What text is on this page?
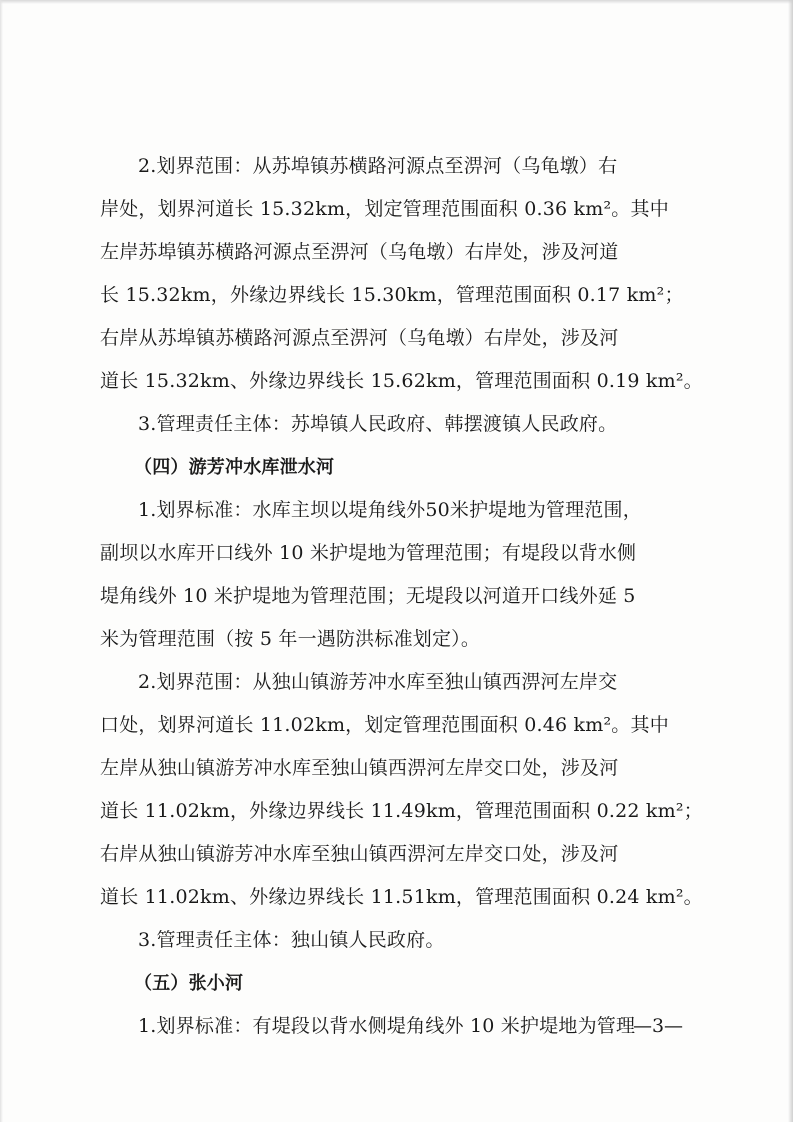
2.划界范围：从苏埠镇苏横路河源点至淠河（乌龟墩）右
岸处，划界河道长 15.32km，划定管理范围面积 0.36 km²。其中
左岸苏埠镇苏横路河源点至淠河（乌龟墩）右岸处，涉及河道
长 15.32km，外缘边界线长 15.30km，管理范围面积 0.17 km²；
右岸从苏埠镇苏横路河源点至淠河（乌龟墩）右岸处，涉及河
道长 15.32km、外缘边界线长 15.62km，管理范围面积 0.19 km²。
3.管理责任主体：苏埠镇人民政府、韩摆渡镇人民政府。
（四）游芳冲水库泄水河
1.划界标准：水库主坝以堤角线外50米护堤地为管理范围，
副坝以水库开口线外 10 米护堤地为管理范围；有堤段以背水侧
堤角线外 10 米护堤地为管理范围；无堤段以河道开口线外延 5
米为管理范围（按 5 年一遇防洪标准划定）。
2.划界范围：从独山镇游芳冲水库至独山镇西淠河左岸交
口处，划界河道长 11.02km，划定管理范围面积 0.46 km²。其中
左岸从独山镇游芳冲水库至独山镇西淠河左岸交口处，涉及河
道长 11.02km，外缘边界线长 11.49km，管理范围面积 0.22 km²；
右岸从独山镇游芳冲水库至独山镇西淠河左岸交口处，涉及河
道长 11.02km、外缘边界线长 11.51km，管理范围面积 0.24 km²。
3.管理责任主体：独山镇人民政府。
（五）张小河
1.划界标准：有堤段以背水侧堤角线外 10 米护堤地为管理
—3—
